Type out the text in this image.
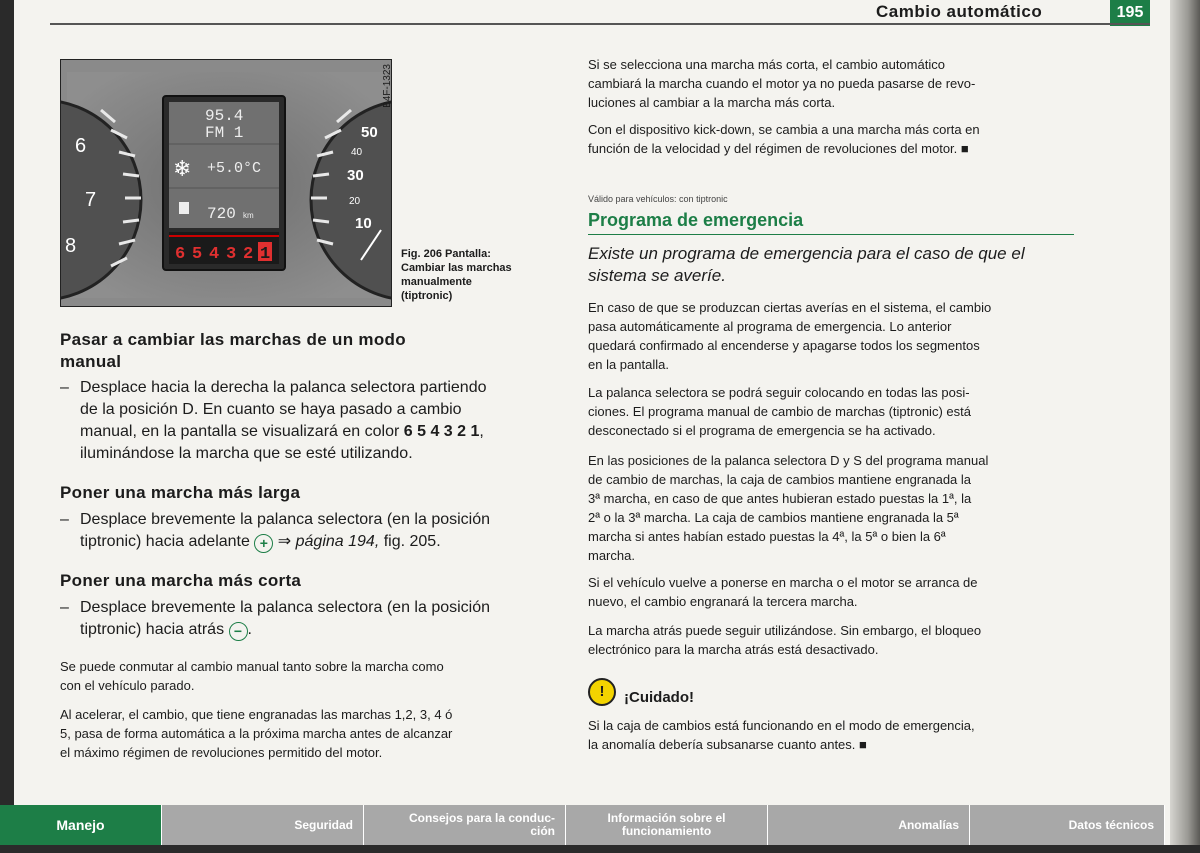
Cambio automático	195
6
7
8
50
40
30
20
10
95.4
FM 1
❄ +5.0°C
720 km
6 5 4 3 2 1
B4F-1323
Fig. 206 Pantalla:
Cambiar las marchas
manualmente
(tiptronic)
Pasar a cambiar las marchas de un modo
manual
– Desplace hacia la derecha la palanca selectora partiendo

de la posición D. En cuanto se haya pasado a cambio

manual, en la pantalla se visualizará en color 6 5 4 3 2 1,

iluminándose la marcha que se esté utilizando.

Poner una marcha más larga
– Desplace brevemente la palanca selectora (en la posición

tiptronic) hacia adelante + ⇒ página 194, fig. 205.

Poner una marcha más corta
– Desplace brevemente la palanca selectora (en la posición

tiptronic) hacia atrás − .

Se puede conmutar al cambio manual tanto sobre la marcha como

con el vehículo parado.

Al acelerar, el cambio, que tiene engranadas las marchas 1,2, 3, 4 ó

5, pasa de forma automática a la próxima marcha antes de alcanzar

el máximo régimen de revoluciones permitido del motor.

Si se selecciona una marcha más corta, el cambio automático

cambiará la marcha cuando el motor ya no pueda pasarse de revo-

luciones al cambiar a la marcha más corta.

Con el dispositivo kick-down, se cambia a una marcha más corta en

función de la velocidad y del régimen de revoluciones del motor. ■

Válido para vehículos: con tiptronic
Programa de emergencia
Existe un programa de emergencia para el caso de que el
sistema se averíe.

En caso de que se produzcan ciertas averías en el sistema, el cambio

pasa automáticamente al programa de emergencia. Lo anterior

quedará confirmado al encenderse y apagarse todos los segmentos

en la pantalla.

La palanca selectora se podrá seguir colocando en todas las posi-

ciones. El programa manual de cambio de marchas (tiptronic) está

desconectado si el programa de emergencia se ha activado.

En las posiciones de la palanca selectora D y S del programa manual

de cambio de marchas, la caja de cambios mantiene engranada la

3ª marcha, en caso de que antes hubieran estado puestas la 1ª, la

2ª o la 3ª marcha. La caja de cambios mantiene engranada la 5ª

marcha si antes habían estado puestas la 4ª, la 5ª o bien la 6ª

marcha.

Si el vehículo vuelve a ponerse en marcha o el motor se arranca de

nuevo, el cambio engranará la tercera marcha.

La marcha atrás puede seguir utilizándose. Sin embargo, el bloqueo

electrónico para la marcha atrás está desactivado.

!	¡Cuidado!

Si la caja de cambios está funcionando en el modo de emergencia,

la anomalía debería subsanarse cuanto antes. ■

Manejo	Seguridad	Consejos para la conduc-
ción
Información sobre el
funcionamiento	Anomalías	Datos técnicos
